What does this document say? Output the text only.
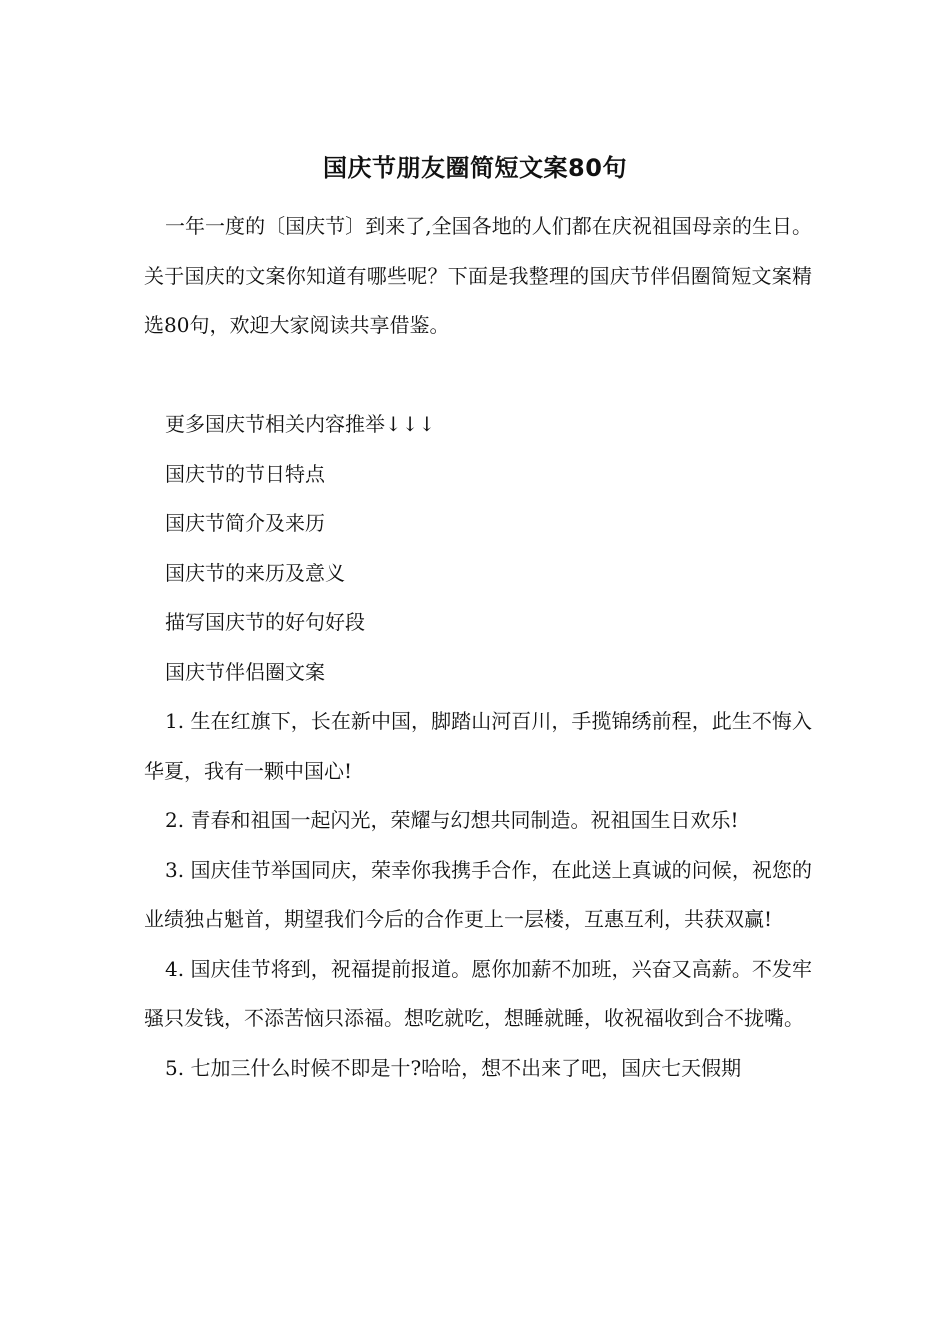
国庆节朋友圈简短文案80句

一年一度的〔国庆节〕到来了,全国各地的人们都在庆祝祖国母亲的生日。关于国庆的文案你知道有哪些呢？下面是我整理的国庆节伴侣圈简短文案精选80句，欢迎大家阅读共享借鉴。

更多国庆节相关内容推举↓↓↓

国庆节的节日特点

国庆节简介及来历

国庆节的来历及意义

描写国庆节的好句好段

国庆节伴侣圈文案

1. 生在红旗下，长在新中国，脚踏山河百川，手揽锦绣前程，此生不悔入华夏，我有一颗中国心!

2. 青春和祖国一起闪光，荣耀与幻想共同制造。祝祖国生日欢乐!

3. 国庆佳节举国同庆，荣幸你我携手合作，在此送上真诚的问候，祝您的业绩独占魁首，期望我们今后的合作更上一层楼，互惠互利，共获双赢!

4. 国庆佳节将到，祝福提前报道。愿你加薪不加班，兴奋又高薪。不发牢骚只发钱，不添苦恼只添福。想吃就吃，想睡就睡，收祝福收到合不拢嘴。

5. 七加三什么时候不即是十?哈哈，想不出来了吧，国庆七天假期
